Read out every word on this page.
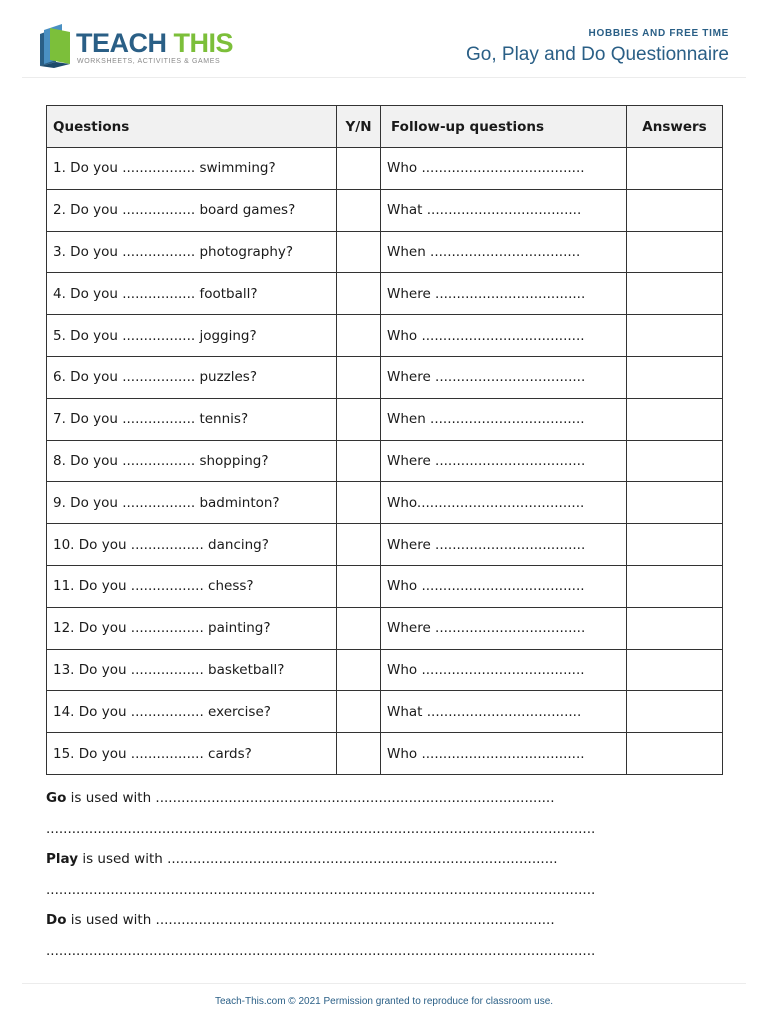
TEACH THIS
WORKSHEETS, ACTIVITIES & GAMES
HOBBIES AND FREE TIME
Go, Play and Do Questionnaire
Questions	Y/N	Follow-up questions	Answers
1. Do you ................. swimming?		Who ......................................	
2. Do you ................. board games?		What ....................................	
3. Do you ................. photography?		When ...................................	
4. Do you ................. football?		Where ...................................	
5. Do you ................. jogging?		Who ......................................	
6. Do you ................. puzzles?		Where ...................................	
7. Do you ................. tennis?		When ....................................	
8. Do you ................. shopping?		Where ...................................	
9. Do you ................. badminton?		Who.......................................	
10. Do you ................. dancing?		Where ...................................	
11. Do you ................. chess?		Who ......................................	
12. Do you ................. painting?		Where ...................................	
13. Do you ................. basketball?		Who ......................................	
14. Do you ................. exercise?		What ....................................	
15. Do you ................. cards?		Who ......................................	
Go is used with .............................................................................................
................................................................................................................................
Play is used with ...........................................................................................
................................................................................................................................
Do is used with .............................................................................................
................................................................................................................................
Teach-This.com © 2021 Permission granted to reproduce for classroom use.
